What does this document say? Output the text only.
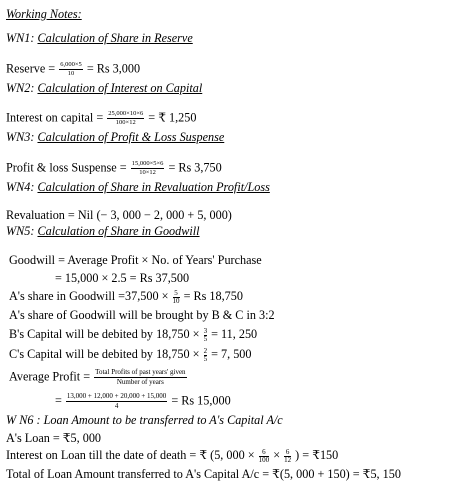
Working Notes:
WN1: Calculation of Share in Reserve
Reserve = $\frac{6,000\times 5}{10} = Rs$ 3,000
WN2: Calculation of Interest on Capital
Interest on capital = $\frac{25,000\times 10\times 6}{100\times 12}$ = ₹ 1,250
WN3: Calculation of Profit & Loss Suspense
Profit & loss Suspense = $\frac{15,000\times 5\times 6}{10\times 12} = Rs$ 3,750
WN4: Calculation of Share in Revaluation Profit/Loss
Revaluation = Nil (− 3, 000 − 2, 000 + 5, 000)
WN5: Calculation of Share in Goodwill
Goodwill = Average Profit × No. of Years' Purchase
= 15,000 × 2.5 = Rs 37,500
A's share in Goodwill $=37,500 \times \frac{5}{10} = Rs$ 18,750
A's share of Goodwill will be brought by B & C in 3:2
B's Capital will be debited by $18,750 \times \frac{3}{5} = 11$, 250
C's Capital will be debited by $18,750 \times \frac{2}{5} = 7$, 500
Average Profit = $\frac{\text{Total Profits of past years' given}}{\text{Number of years}}$
= $\frac{13,000 + 12,000 + 20,000 + 15,000}{4} = Rs$ 15,000
W N6 : Loan Amount to be transferred to A's Capital A/c
A's Loan = ₹5, 000
Interest on Loan till the date of death = ₹ (5, $000 \times \frac{6}{100} \times \frac{6}{12}$ ) = ₹150
Total of Loan Amount transferred to A's Capital A/c = ₹(5, 000 + 150) = ₹5, 150
